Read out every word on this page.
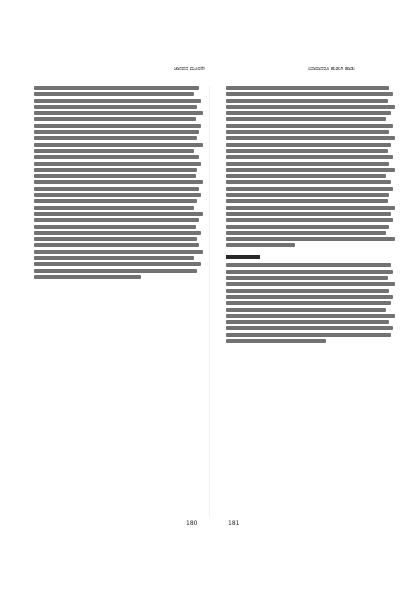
ಜಾನಪದ ಮೂರನೇ	ಯಾವಾದರೂ ಹುಡುಗಿ ಹಾಡು
180	181
